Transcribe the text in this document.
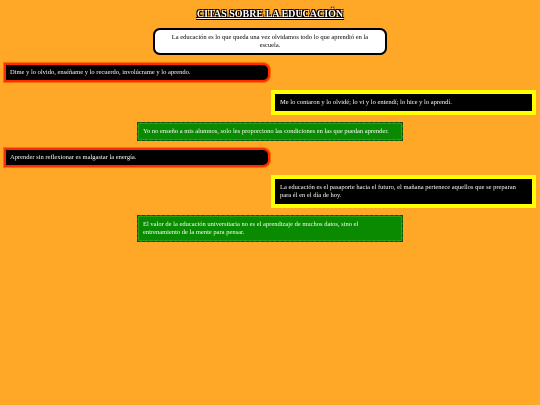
CITAS SOBRE LA EDUCACIÓN
La educación es lo que queda una vez olvidamos todo lo que aprendió en la escuela.
Dime y lo olvido, enséñame y lo recuerdo, involúcrame y lo aprendo.
Me lo contaron y lo olvidé; lo vi y lo entendí; lo hice y lo aprendí.
Yo no enseño a mis alumnos, solo les proporciono las condiciones en las que puedan aprender.
Aprender sin reflexionar es malgastar la energía.
La educación es el pasaporte hacia el futuro, el mañana pertenece aquellos que se preparan para él en el día de hoy.
El valor de la educación universitaria no es el aprendizaje de muchos datos, sino el entrenamiento de la mente para pensar.
